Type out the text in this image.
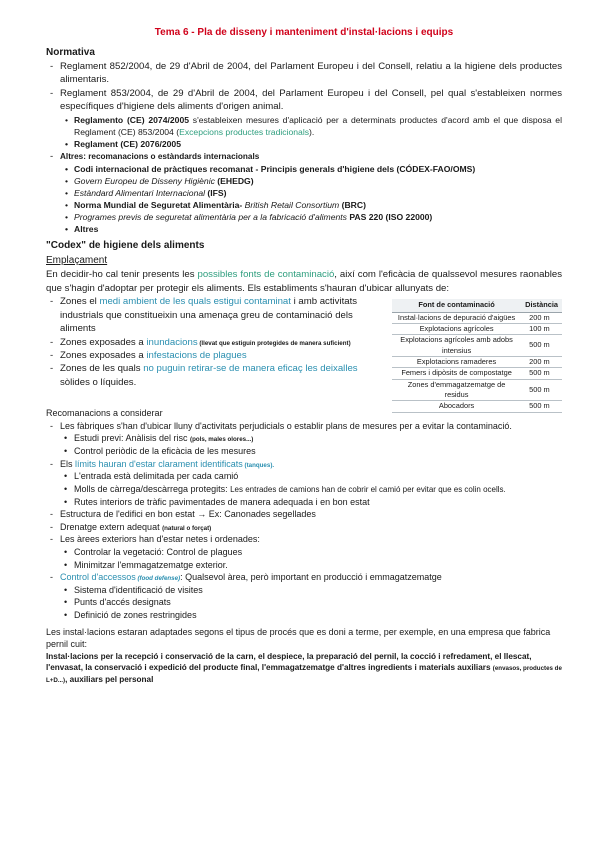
Tema 6 - Pla de disseny i manteniment d'instal·lacions i equips
Normativa
- Reglament 852/2004, de 29 d'Abril de 2004, del Parlament Europeu i del Consell, relatiu a la higiene dels productes alimentaris.
- Reglament 853/2004, de 29 d'Abril de 2004, del Parlament Europeu i del Consell, pel qual s'estableixen normes específiques d'higiene dels aliments d'origen animal.
• Reglamento (CE) 2074/2005 s'estableixen mesures d'aplicació per a determinats productes d'acord amb el que disposa el Reglament (CE) 853/2004 (Excepcions productes tradicionals).
• Reglament (CE) 2076/2005
- Altres: recomanacions o estàndards internacionals
• Codi internacional de pràctiques recomanat - Principis generals d'higiene dels (CÓDEX-FAO/OMS)
• Govern Europeu de Disseny Higiènic (EHEDG)
• Estàndard Alimentari Internacional (IFS)
• Norma Mundial de Seguretat Alimentària- British Retail Consortium (BRC)
• Programes previs de seguretat alimentària per a la fabricació d'aliments PAS 220 (ISO 22000)
• Altres
"Codex" de higiene dels aliments
Emplaçament

En decidir-ho cal tenir presents les possibles fonts de contaminació, així com l'eficàcia de qualssevol mesures raonables que s'hagin d'adoptar per protegir els aliments. Els establiments s'hauran d'ubicar allunyats de:

- Zones el medi ambient de les quals estigui contaminat i amb activitats industrials que constitueixin una amenaça greu de contaminació dels aliments
- Zones exposades a inundacions (llevat que estiguin protegides de manera suficient)
- Zones exposades a infestacions de plagues
- Zones de les quals no puguin retirar-se de manera eficaç les deixalles sòlides o líquides.
Font de contaminació	Distància
Instal·lacions de depuració d'aigües	200 m
Explotacions agrícoles	100 m
Explotacions agrícoles amb adobs intensius	500 m
Explotacions ramaderes	200 m
Femers i dipòsits de compostatge	500 m
Zones d'emmagatzematge de residus	500 m
Abocadors	500 m
Recomanacions a considerar
- Les fàbriques s'han d'ubicar lluny d'activitats perjudicials o establir plans de mesures per a evitar la contaminació.
• Estudi previ: Anàlisis del risc (pols, males olores...)
• Control periòdic de la eficàcia de les mesures
- Els límits hauran d'estar clarament identificats (tanques).
• L'entrada està delimitada per cada camió
• Molls de càrrega/descàrrega protegits: Les entrades de camions han de cobrir el camió per evitar que es colin ocells.
• Rutes interiors de tràfic pavimentades de manera adequada i en bon estat
- Estructura de l'edifici en bon estat → Ex: Canonades segellades
- Drenatge extern adequat (natural o forçat)
- Les àrees exteriors han d'estar netes i ordenades:
• Controlar la vegetació: Control de plagues
• Minimitzar l'emmagatzematge exterior.
- Control d'accessos (food defense): Qualsevol àrea, però important en producció i emmagatzematge
• Sistema d'identificació de visites
• Punts d'accés designats
• Definició de zones restringides

Les instal·lacions estaran adaptades segons el tipus de procés que es doni a terme, per exemple, en una empresa que fabrica pernil cuit:

Instal·lacions per la recepció i conservació de la carn, el despiece, la preparació del pernil, la cocció i refredament, el llescat, l'envasat, la conservació i expedició del producte final, l'emmagatzematge d'altres ingredients i materials auxiliars (envasos, productes de L+D...), auxiliars pel personal
